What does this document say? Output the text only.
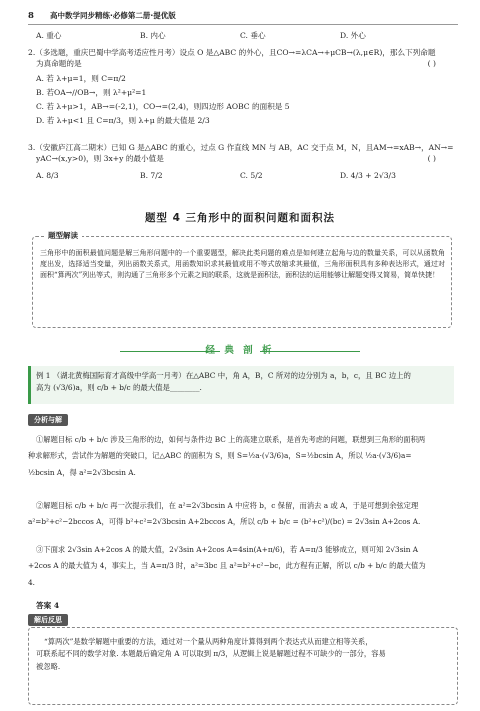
8 高中数学同步精练·必修第二册·提优版
A. 重心	B. 内心	C. 垂心	D. 外心
2.（多选题，重庆巴蜀中学高考适应性月考）设点 O 是△ABC 的外心，且CO→=λCA→+μCB→(λ,μ∈R)，那么下列命题
为真命题的是	( )
A. 若 λ+μ=1，则 C=π/2
B. 若OA→//OB→，则 λ²+μ²=1
C. 若 λ+μ>1，AB→=(-2,1)，CO→=(2,4)，则四边形 AOBC 的面积是 5
D. 若 λ+μ<1 且 C=π/3，则 λ+μ 的最大值是 2/3
3.（安徽庐江高二期末）已知 G 是△ABC 的重心，过点 G 作直线 MN 与 AB，AC 交于点 M，N，且AM→=xAB→，AN→=
yAC→(x,y>0)，则 3x+y 的最小值是	( )
A. 8/3	B. 7/2	C. 5/2	D. 4/3 + 2√3/3
题型 4 三角形中的面积问题和面积法
题型解读
三角形中的面积最值问题是解三角形问题中的一个重要题型，解决此类问题的难点是如何建立起角与边的数量关系，可以从函数角度出发，选择适当变量，列出函数关系式，用函数知识求其最值或用不等式放缩求其最值，三角形面积具有多种表达形式，通过对面积“算两次”列出等式，则沟通了三角形多个元素之间的联系，这就是面积法，面积法的运用能够让解题变得又简易，简单快捷！
经 典 剖 析
例 1 （湖北黄梅国际育才高级中学高一月考）在△ABC 中，角 A，B，C 所对的边分别为 a，b，c，且 BC 边上的
高为 (√3/6)a，则 c/b + b/c 的最大值是________.
分析与解
①解题目标 c/b + b/c 涉及三角形的边，如何与条件边 BC 上的高建立联系，是首先考虑的问题，联想到三角形的面积两
种求解形式，尝试作为解题的突破口，记△ABC 的面积为 S，则 S=½a·(√3/6)a，S=½bcsin A，所以 ½a·(√3/6)a=
½bcsin A，得 a²=2√3bcsin A.
②解题目标 c/b + b/c 再一次提示我们，在 a²=2√3bcsin A 中应将 b，c 保留，而消去 a 或 A，于是可想到余弦定理
a²=b²+c²−2bccos A，可得 b²+c²=2√3bcsin A+2bccos A，所以 c/b + b/c = (b²+c²)/(bc) = 2√3sin A+2cos A.
③下面求 2√3sin A+2cos A 的最大值，2√3sin A+2cos A=4sin(A+π/6)，若 A=π/3 能够成立，则可知 2√3sin A
+2cos A 的最大值为 4，事实上，当 A=π/3 时，a²=3bc 且 a²=b²+c²−bc，此方程有正解，所以 c/b + b/c 的最大值为
4.
答案 4
解后反思
“算两次”是数学解题中重要的方法，通过对一个量从两种角度计算得到两个表达式从而建立相等关系，
可联系起不同的数学对象. 本题最后确定角 A 可以取到 π/3，从逻辑上说是解题过程不可缺少的一部分，容易
被忽略.
